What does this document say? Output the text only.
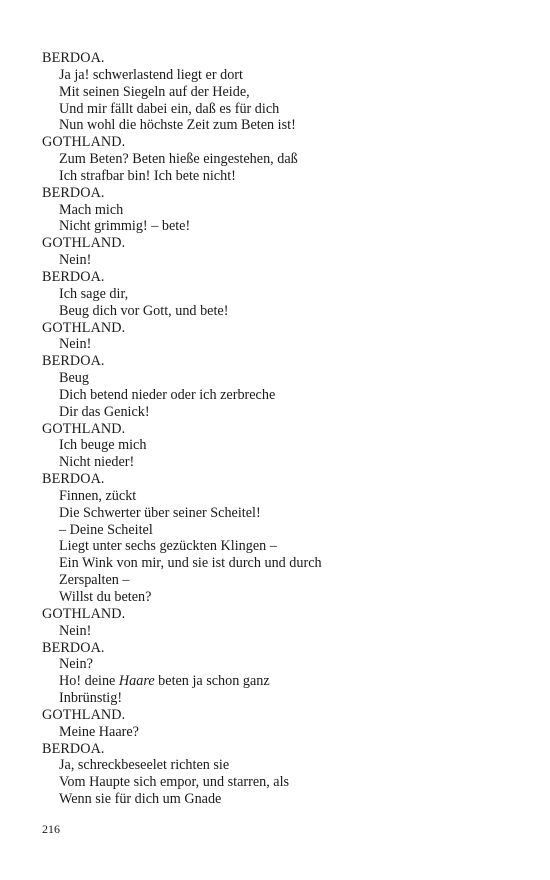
BERDOA.
Ja ja! schwerlastend liegt er dort
Mit seinen Siegeln auf der Heide,
Und mir fällt dabei ein, daß es für dich
Nun wohl die höchste Zeit zum Beten ist!
GOTHLAND.
Zum Beten? Beten hieße eingestehen, daß
Ich strafbar bin! Ich bete nicht!
BERDOA.
Mach mich
Nicht grimmig! – bete!
GOTHLAND.
Nein!
BERDOA.
Ich sage dir,
Beug dich vor Gott, und bete!
GOTHLAND.
Nein!
BERDOA.
Beug
Dich betend nieder oder ich zerbreche
Dir das Genick!
GOTHLAND.
Ich beuge mich
Nicht nieder!
BERDOA.
Finnen, zückt
Die Schwerter über seiner Scheitel!
– Deine Scheitel
Liegt unter sechs gezückten Klingen –
Ein Wink von mir, und sie ist durch und durch
Zerspalten –
Willst du beten?
GOTHLAND.
Nein!
BERDOA.
Nein?
Ho! deine Haare beten ja schon ganz
Inbrünstig!
GOTHLAND.
Meine Haare?
BERDOA.
Ja, schreckbeseelet richten sie
Vom Haupte sich empor, und starren, als
Wenn sie für dich um Gnade
216
